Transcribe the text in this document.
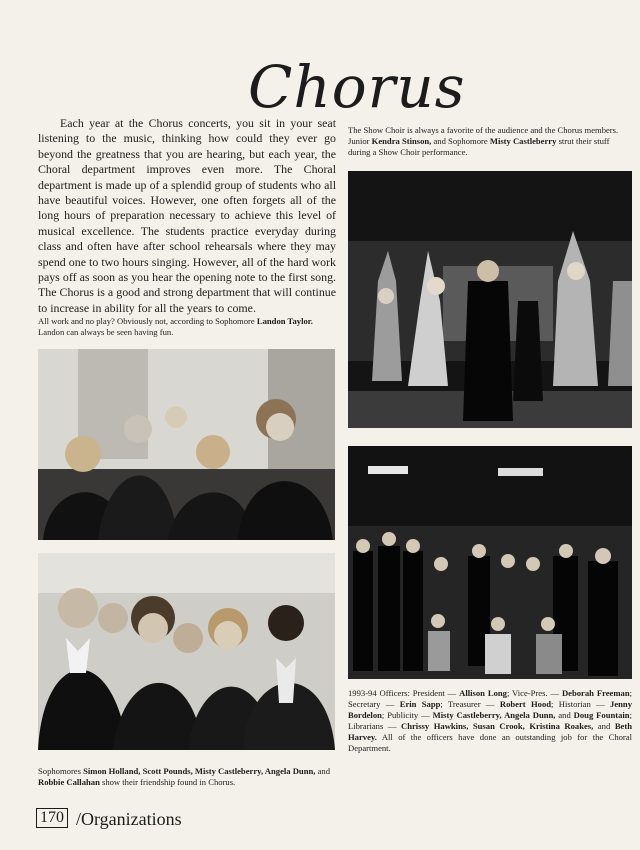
Chorus

Each year at the Chorus concerts, you sit in your seat listening to the music, thinking how could they ever go beyond the greatness that you are hearing, but each year, the Choral department improves even more. The Choral department is made up of a splendid group of students who all have beautiful voices. However, one often forgets all of the long hours of preparation necessary to achieve this level of musical excellence. The students practice everyday during class and often have after school rehearsals where they may spend one to two hours singing. However, all of the hard work pays off as soon as you hear the opening note to the first song. The Chorus is a good and strong department that will continue to increase in ability for all the years to come.

All work and no play? Obviously not, according to Sophomore Landon Taylor. Landon can always be seen having fun.

The Show Choir is always a favorite of the audience and the Chorus members. Junior Kendra Stinson, and Sophomore Misty Castleberry strut their stuff during a Show Choir performance.

1993-94 Officers: President — Allison Long; Vice-Pres. — Deborah Freeman; Secretary — Erin Sapp; Treasurer — Robert Hood; Historian — Jenny Bordelon; Publicity — Misty Castleberry, Angela Dunn, and Doug Fountain; Librarians — Chrissy Hawkins, Susan Crook, Kristina Roakes, and Beth Harvey. All of the officers have done an outstanding job for the Choral Department.

Sophomores Simon Holland, Scott Pounds, Misty Castleberry, Angela Dunn, and Robbie Callahan show their friendship found in Chorus.

170 /Organizations
